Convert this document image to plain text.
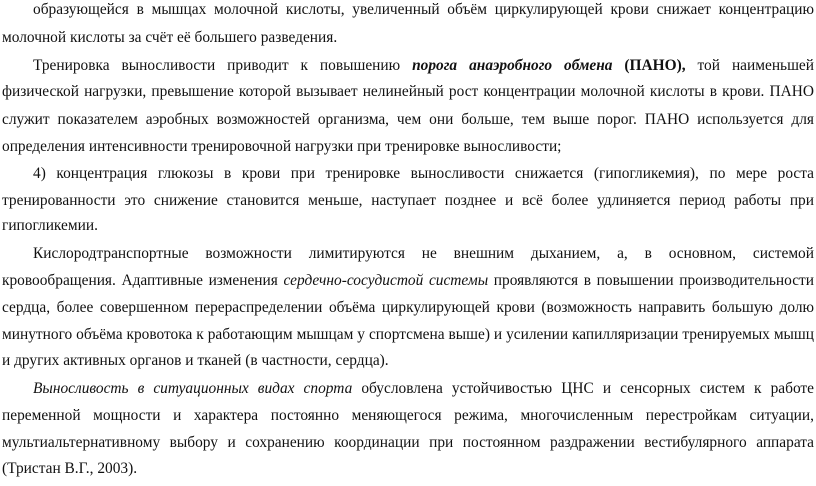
образующейся в мышцах молочной кислоты, увеличенный объём циркулирующей крови снижает концентрацию
молочной кислоты за счёт её большего разведения.
Тренировка выносливости приводит к повышению порога анаэробного обмена (ПАНО), той наименьшей
физической нагрузки, превышение которой вызывает нелинейный рост концентрации молочной кислоты в крови. ПАНО
служит показателем аэробных возможностей организма, чем они больше, тем выше порог. ПАНО используется для
определения интенсивности тренировочной нагрузки при тренировке выносливости;
4) концентрация глюкозы в крови при тренировке выносливости снижается (гипогликемия), по мере роста
тренированности это снижение становится меньше, наступает позднее и всё более удлиняется период работы при
гипогликемии.
Кислородтранспортные возможности лимитируются не внешним дыханием, а, в основном, системой
кровообращения. Адаптивные изменения сердечно-сосудистой системы проявляются в повышении производительности
сердца, более совершенном перераспределении объёма циркулирующей крови (возможность направить большую долю
минутного объёма кровотока к работающим мышцам у спортсмена выше) и усилении капилляризации тренируемых мышц
и других активных органов и тканей (в частности, сердца).
Выносливость в ситуационных видах спорта обусловлена устойчивостью ЦНС и сенсорных систем к работе
переменной мощности и характера постоянно меняющегося режима, многочисленным перестройкам ситуации,
мультиальтернативному выбору и сохранению координации при постоянном раздражении вестибулярного аппарата
(Тристан В.Г., 2003).
